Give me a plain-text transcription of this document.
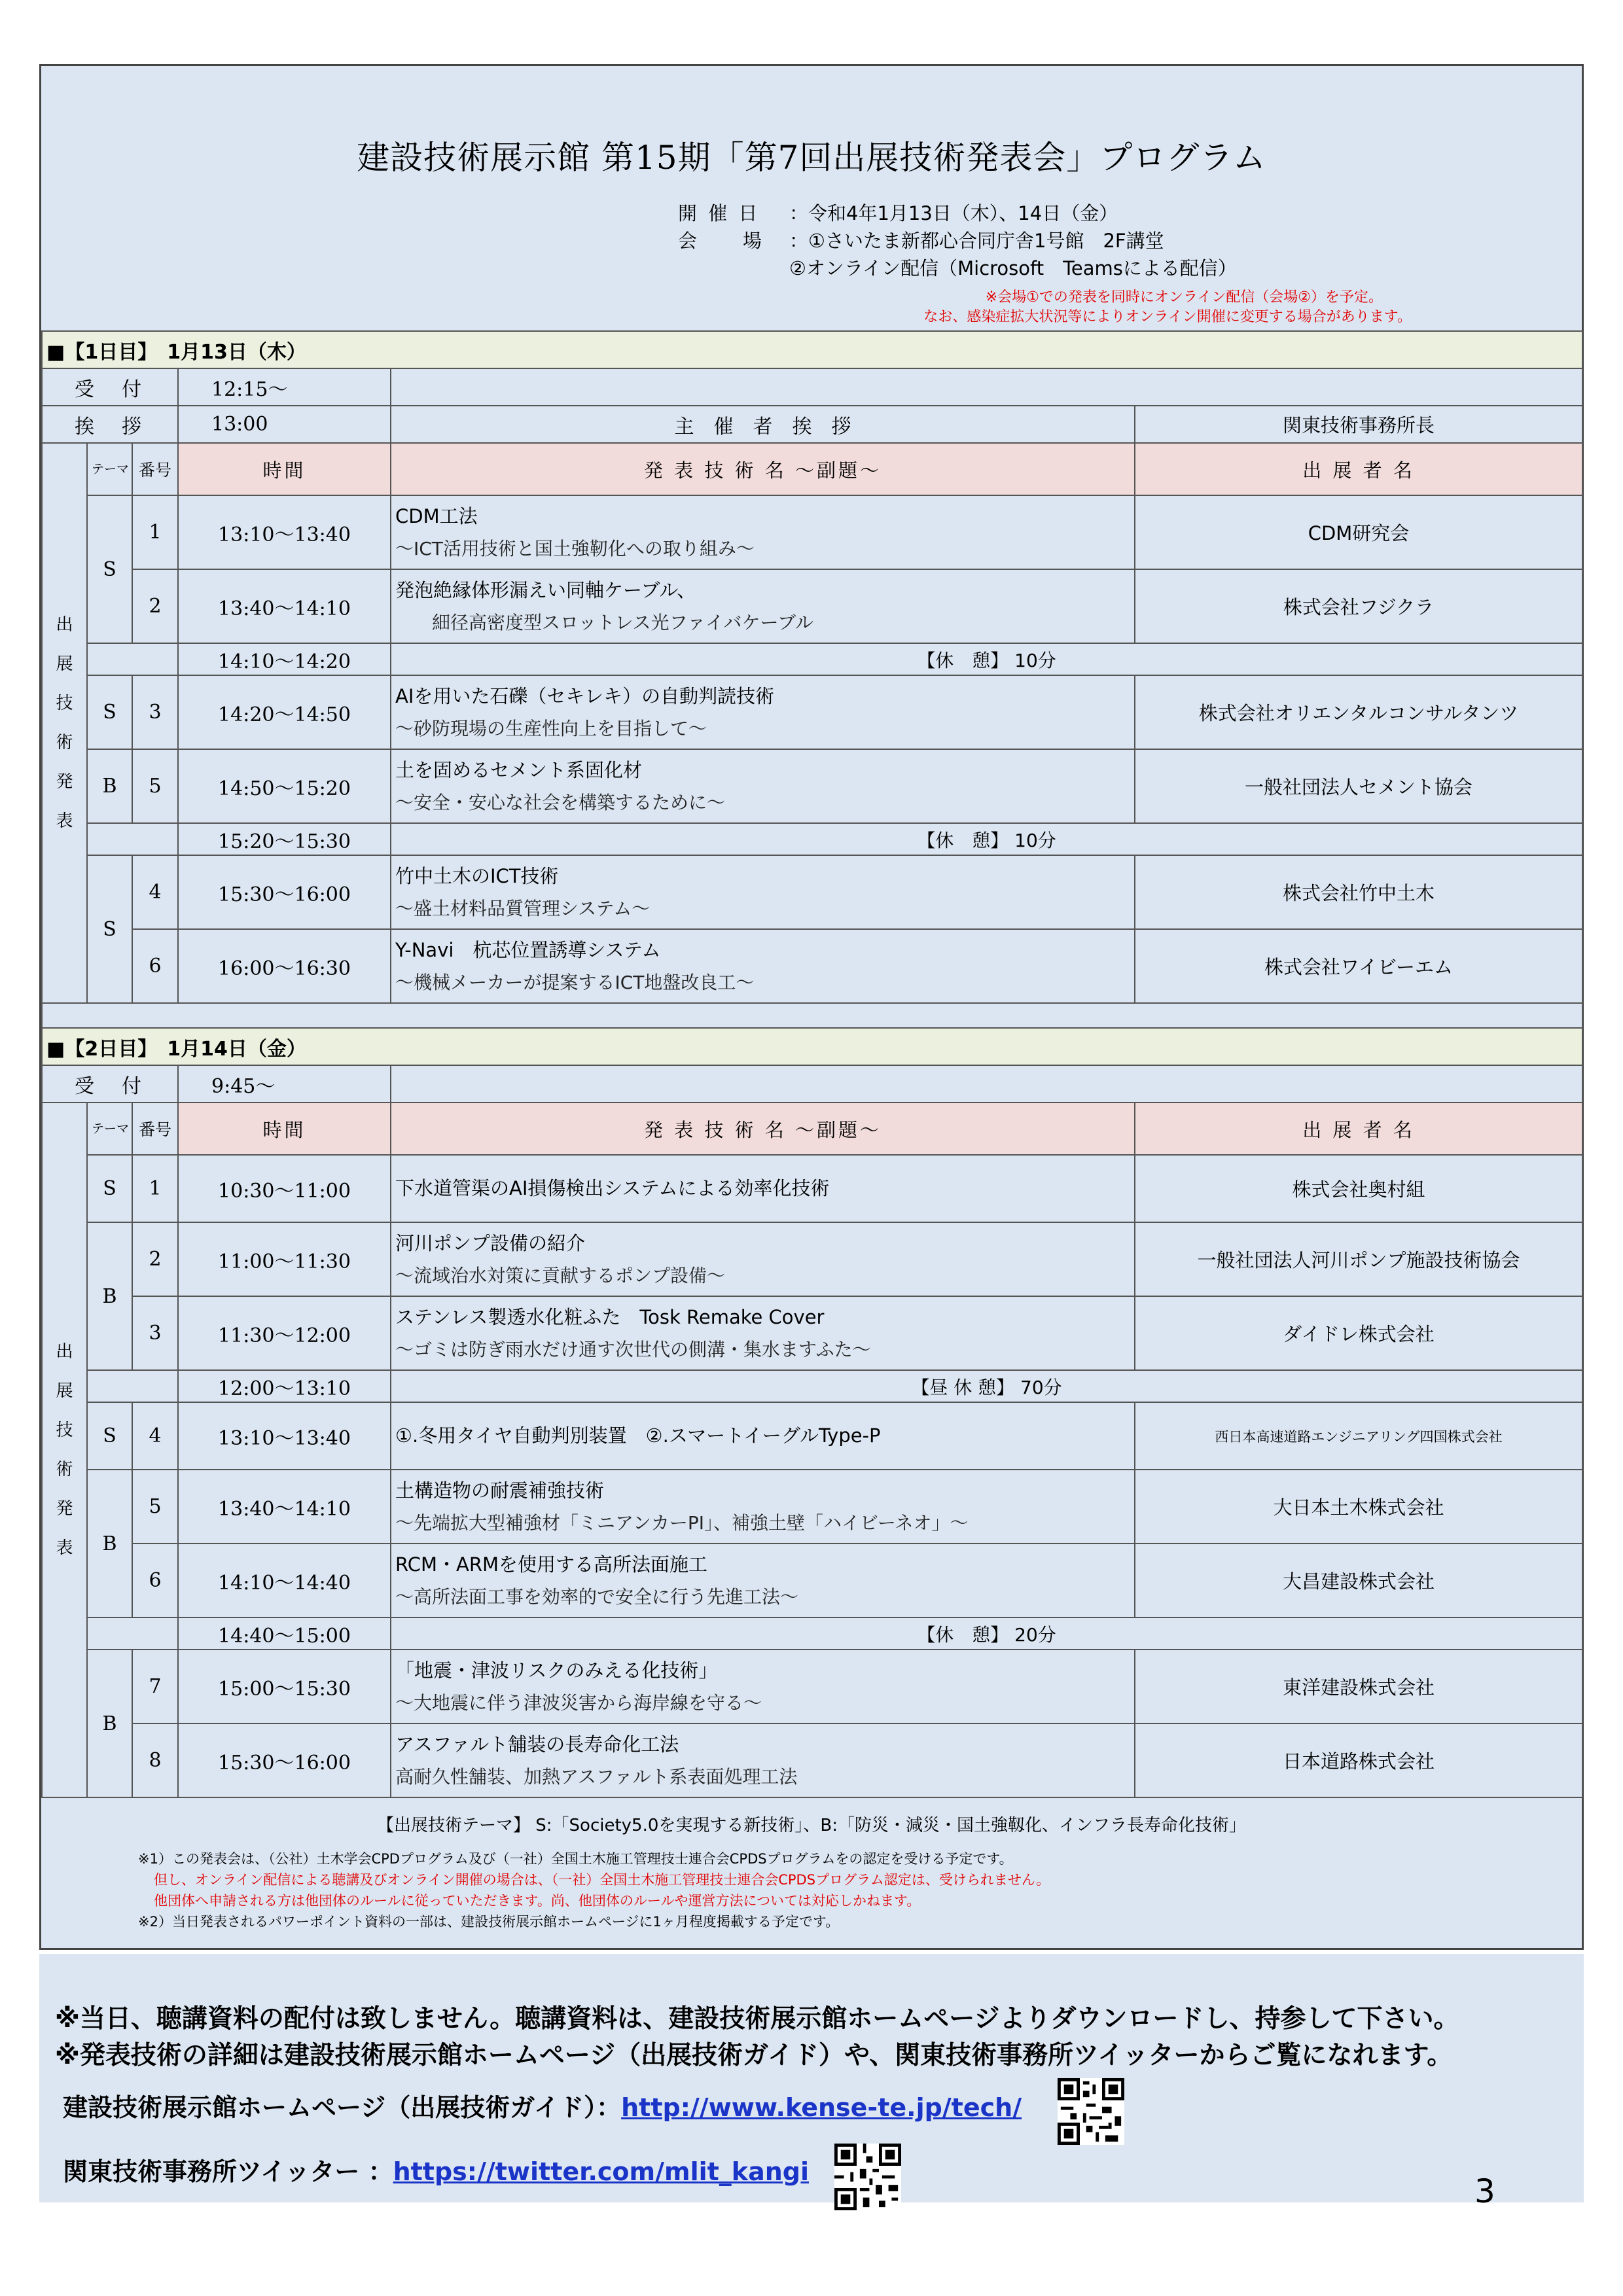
建設技術展示館 第15期「第7回出展技術発表会」プログラム
開 催 日 ：令和4年1月13日（木）、14日（金）
会　　場 ：①さいたま新都心合同庁舎1号館　2F講堂
②オンライン配信（Microsoft　Teamsによる配信）
※会場①での発表を同時にオンライン配信（会場②）を予定。
なお、感染症拡大状況等によりオンライン開催に変更する場合があります。
■【1日目】　1月13日（木）					
受　付			12:15～		
挨　拶			13:00	主　催　者　挨　拶	関東技術事務所長
出展技術発表	テーマ	番号	時間	発 表 技 術 名 ～副題～	出 展 者 名
	S	1	13:10～13:40	CDM工法
～ICT活用技術と国土強靭化への取り組み～	CDM研究会
		2	13:40～14:10	発泡絶縁体形漏えい同軸ケーブル、
　　細径高密度型スロットレス光ファイバケーブル	株式会社フジクラ
			14:10～14:20	【休　憩】 10分	
	S	3	14:20～14:50	AIを用いた石礫（セキレキ）の自動判読技術
～砂防現場の生産性向上を目指して～	株式会社オリエンタルコンサルタンツ
	B	5	14:50～15:20	土を固めるセメント系固化材
～安全・安心な社会を構築するために～	一般社団法人セメント協会
			15:20～15:30	【休　憩】 10分	
	S	4	15:30～16:00	竹中土木のICT技術
～盛土材料品質管理システム～	株式会社竹中土木
		6	16:00～16:30	Y-Navi　杭芯位置誘導システム
～機械メーカーが提案するICT地盤改良工～	株式会社ワイビーエム

■【2日目】　1月14日（金）					
受　付			9:45～		
出展技術発表	テーマ	番号	時間	発 表 技 術 名 ～副題～	出 展 者 名
	S	1	10:30～11:00	下水道管渠のAI損傷検出システムによる効率化技術	株式会社奥村組
	B	2	11:00～11:30	河川ポンプ設備の紹介
～流域治水対策に貢献するポンプ設備～	一般社団法人河川ポンプ施設技術協会
		3	11:30～12:00	ステンレス製透水化粧ふた　Tosk Remake Cover
～ゴミは防ぎ雨水だけ通す次世代の側溝・集水ますふた～	ダイドレ株式会社
			12:00～13:10	【昼 休 憩】 70分	
	S	4	13:10～13:40	①.冬用タイヤ自動判別装置　②.スマートイーグルType-P	西日本高速道路エンジニアリング四国株式会社
	B	5	13:40～14:10	土構造物の耐震補強技術
～先端拡大型補強材「ミニアンカーPI」、補強土壁「ハイビーネオ」～	大日本土木株式会社
		6	14:10～14:40	RCM・ARMを使用する高所法面施工
～高所法面工事を効率的で安全に行う先進工法～	大昌建設株式会社
			14:40～15:00	【休　憩】 20分	
	B	7	15:00～15:30	「地震・津波リスクのみえる化技術」
～大地震に伴う津波災害から海岸線を守る～	東洋建設株式会社
		8	15:30～16:00	アスファルト舗装の長寿命化工法
高耐久性舗装、加熱アスファルト系表面処理工法	日本道路株式会社
【出展技術テーマ】 S:「Society5.0を実現する新技術」、B:「防災・減災・国土強靱化、インフラ長寿命化技術」
※1）この発表会は、（公社）土木学会CPDプログラム及び（一社）全国土木施工管理技士連合会CPDSプログラムをの認定を受ける予定です。
但し、オンライン配信による聴講及びオンライン開催の場合は、（一社）全国土木施工管理技士連合会CPDSプログラム認定は、受けられません。
他団体へ申請される方は他団体のルールに従っていただきます。尚、他団体のルールや運営方法については対応しかねます。
※2）当日発表されるパワーポイント資料の一部は、建設技術展示館ホームページに1ヶ月程度掲載する予定です。
※当日、聴講資料の配付は致しません。聴講資料は、建設技術展示館ホームページよりダウンロードし、持参して下さい。
※発表技術の詳細は建設技術展示館ホームページ（出展技術ガイド）や、関東技術事務所ツイッターからご覧になれます。
建設技術展示館ホームページ（出展技術ガイド）：http://www.kense-te.jp/tech/
関東技術事務所ツイッター ：https://twitter.com/mlit_kangi
3
